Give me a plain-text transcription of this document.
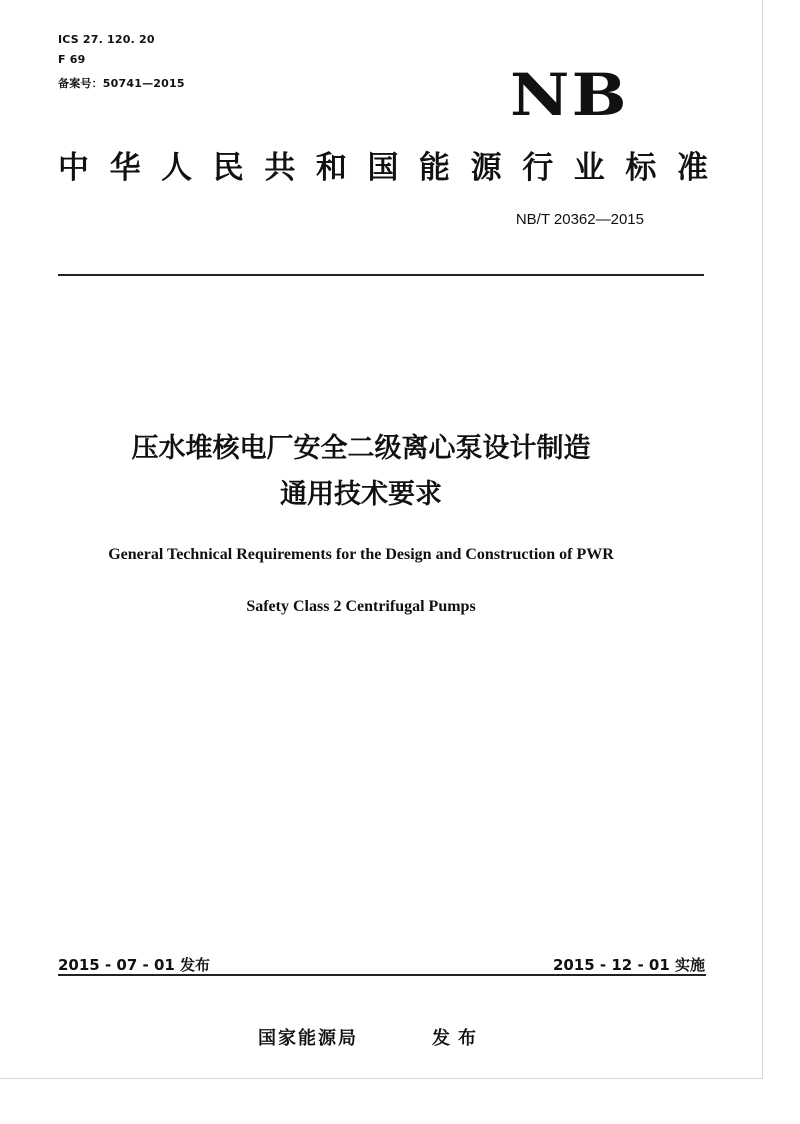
ICS 27. 120. 20
F 69
备案号：50741—2015	NB
中 华 人 民 共 和 国 能 源 行 业 标 准
NB/T 20362—2015
压水堆核电厂安全二级离心泵设计制造
通用技术要求
General Technical Requirements for the Design and Construction of PWR
Safety Class 2 Centrifugal Pumps
2015 - 07 - 01 发布	2015 - 12 - 01 实施
国家能源局	发布
